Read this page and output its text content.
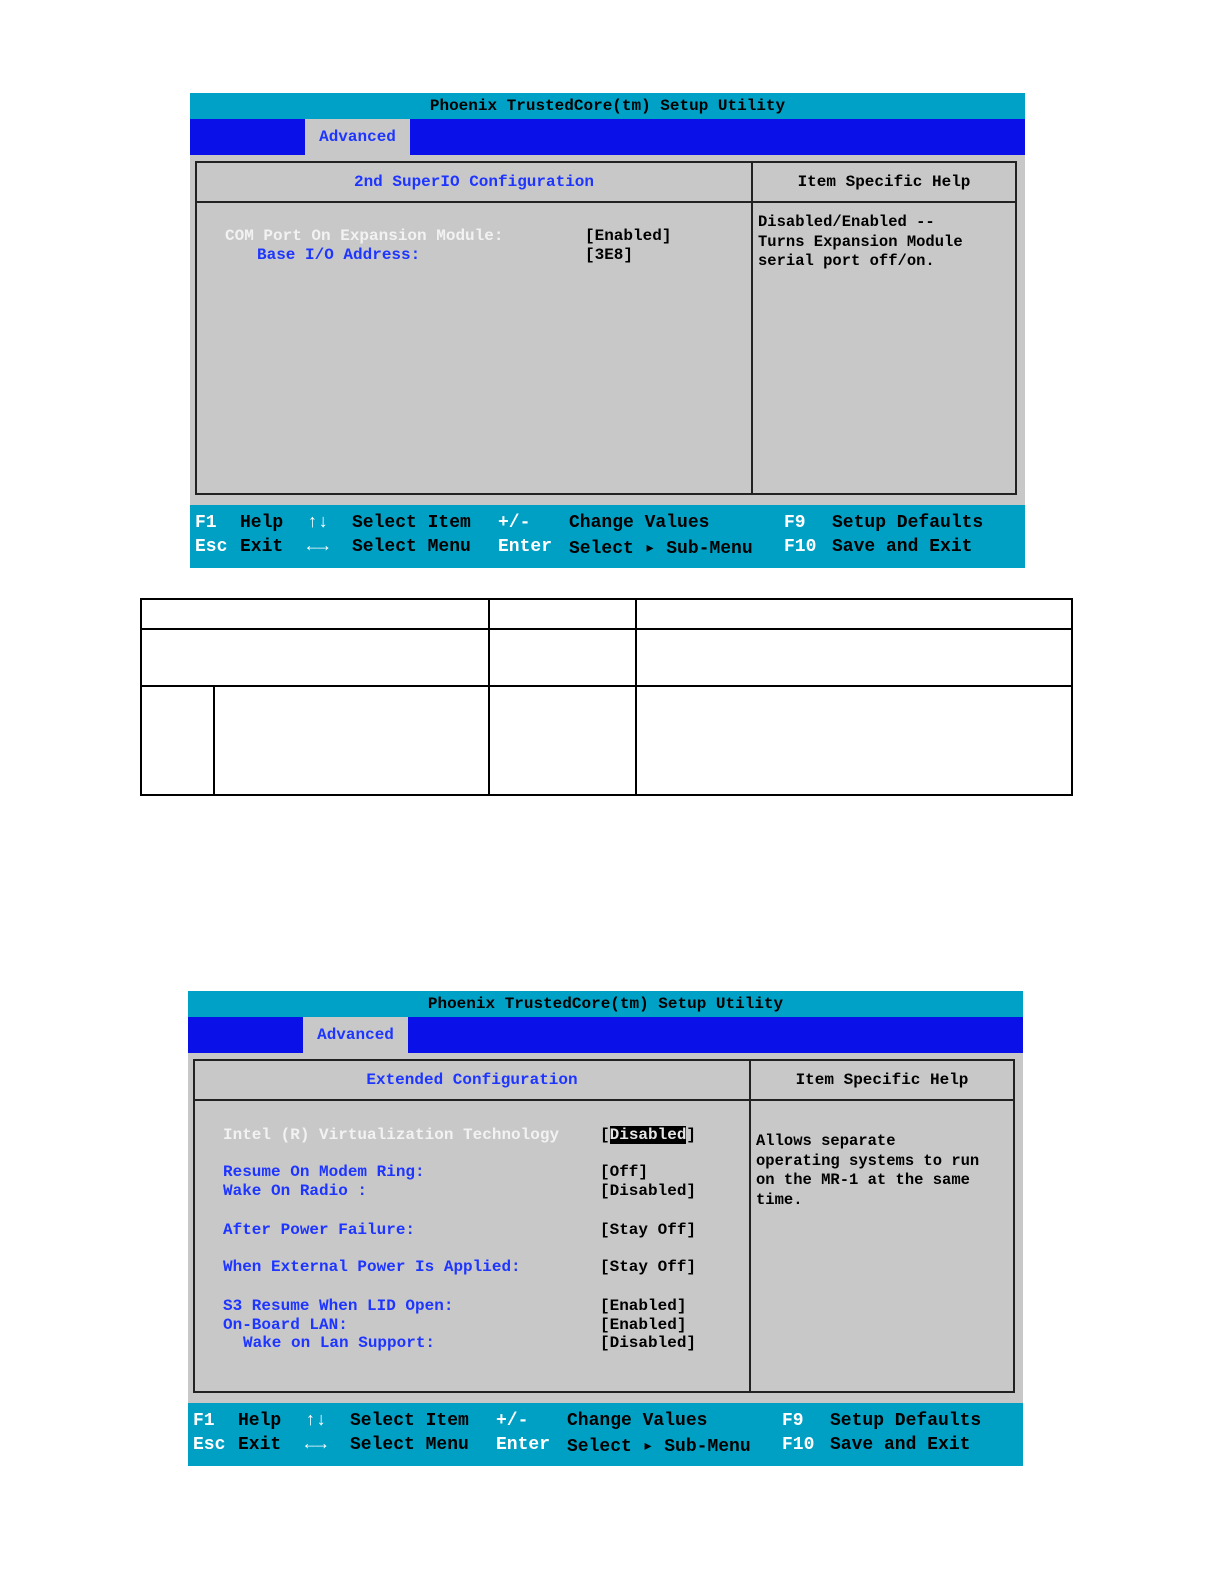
Phoenix TrustedCore(tm) Setup Utility
Advanced
2nd SuperIO Configuration	Item Specific Help
COM Port On Expansion Module:	[Enabled]
Base I/O Address:	[3E8]
Disabled/Enabled --
Turns Expansion Module
serial port off/on.
F1 Help ↑↓ Select Item +/- Change Values	F9 Setup Defaults
Esc Exit ←→ Select Menu Enter Select ▸ Sub-Menu F10 Save and Exit
Phoenix TrustedCore(tm) Setup Utility
Advanced
Extended Configuration	Item Specific Help
Intel (R) Virtualization Technology	[Disabled]
Resume On Modem Ring:	[Off]
Wake On Radio :	[Disabled]
After Power Failure:	[Stay Off]
When External Power Is Applied:	[Stay Off]
S3 Resume When LID Open:	[Enabled]
On-Board LAN:	[Enabled]
Wake on Lan Support:	[Disabled]
Allows separate
operating systems to run
on the MR-1 at the same
time.
F1 Help ↑↓ Select Item +/- Change Values	F9 Setup Defaults
Esc Exit ←→ Select Menu Enter Select ▸ Sub-Menu F10 Save and Exit
